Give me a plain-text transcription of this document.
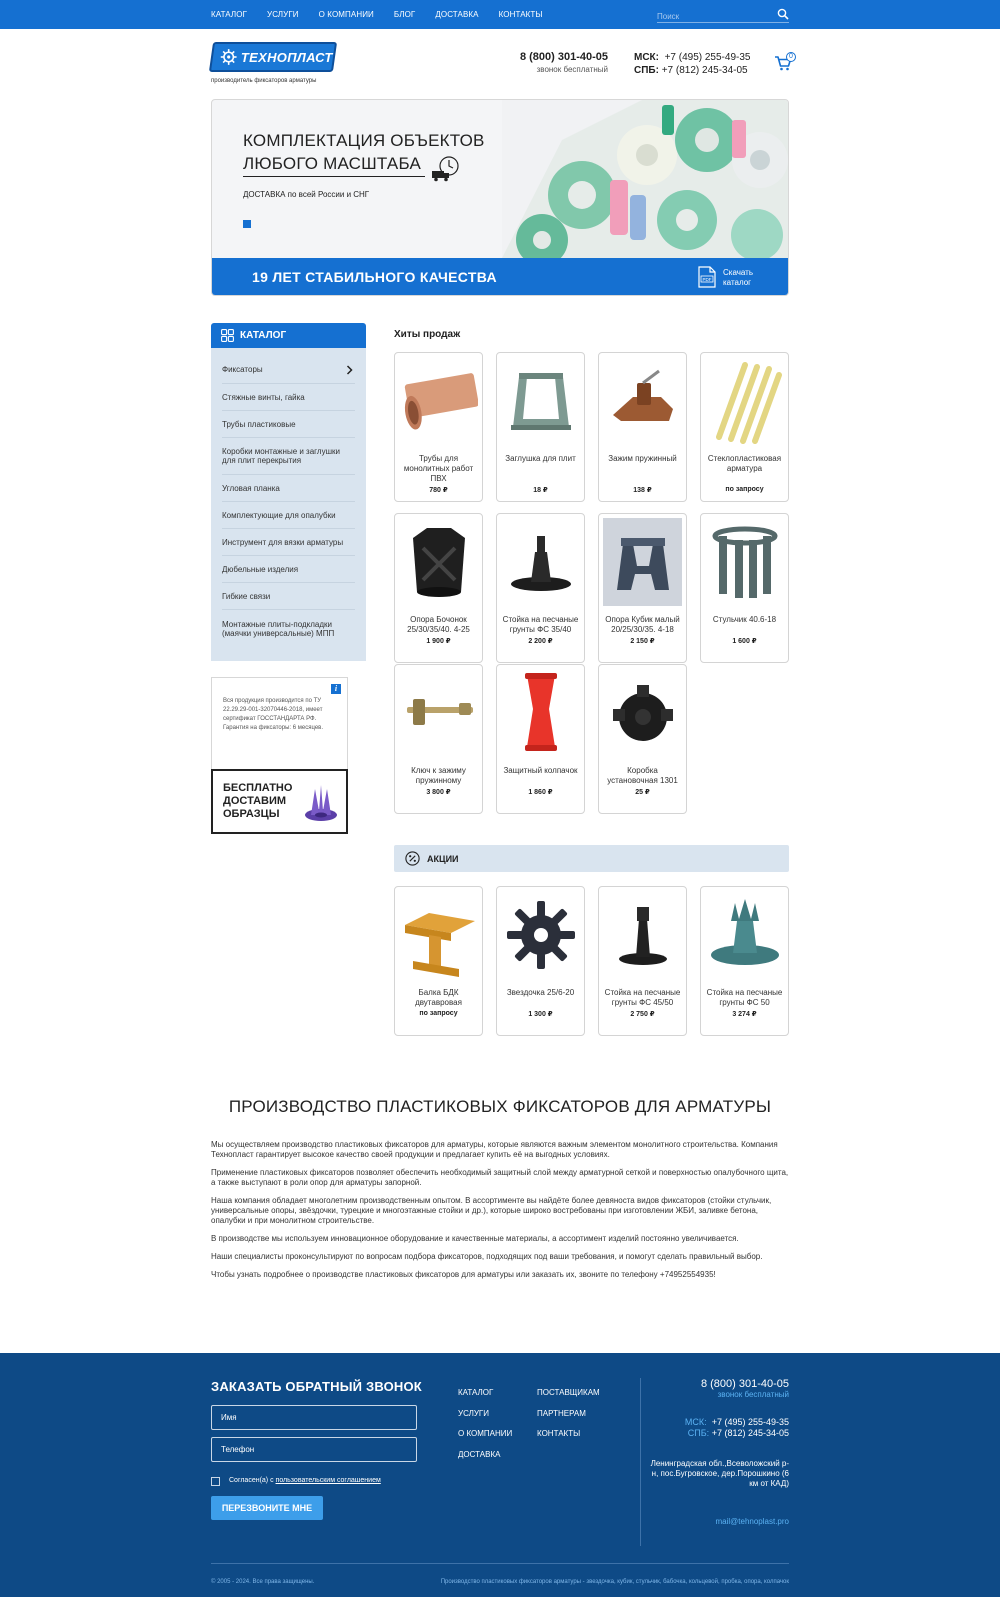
КАТАЛОГ	УСЛУГИ	О КОМПАНИИ	БЛОГ	ДОСТАВКА	КОНТАКТЫ
Поиск
ТЕХНОПЛАСТ
производитель фиксаторов арматуры
8 (800) 301-40-05
звонок бесплатный
МСК: +7 (495) 255-49-35
СПБ: +7 (812) 245-34-05
0
КОМПЛЕКТАЦИЯ ОБЪЕКТОВ
ЛЮБОГО МАСШТАБА
ДОСТАВКА по всей России и СНГ
19 ЛЕТ СТАБИЛЬНОГО КАЧЕСТВА	PDF
Скачать
каталог
КАТАЛОГ
Фиксаторы
Стяжные винты, гайка
Трубы пластиковые
Коробки монтажные и заглушки для плит перекрытия
Угловая планка
Комплектующие для опалубки
Инструмент для вязки арматуры
Дюбельные изделия
Гибкие связи
Монтажные плиты-подкладки (маячки универсальные) МПП
i
Вся продукция производится по ТУ 22.29.29-001-32070446-2018, имеет сертификат ГОССТАНДАРТА РФ. Гарантия на фиксаторы: 6 месяцев.
БЕСПЛАТНО ДОСТАВИМ ОБРАЗЦЫ
Хиты продаж
Трубы для монолитных работ ПВХ
780 ₽
Заглушка для плит
18 ₽
Зажим пружинный
138 ₽
Стеклопластиковая арматура
по запросу
Опора Бочонок 25/30/35/40. 4-25
1 900 ₽
Стойка на песчаные грунты ФС 35/40
2 200 ₽
Опора Кубик малый 20/25/30/35. 4-18
2 150 ₽
Стульчик 40.6-18
1 600 ₽
Ключ к зажиму пружинному
3 800 ₽
Защитный колпачок
1 860 ₽
Коробка установочная 1301
25 ₽
АКЦИИ
Балка БДК двутавровая
по запросу
Звездочка 25/6-20
1 300 ₽
Стойка на песчаные грунты ФС 45/50
2 750 ₽
Стойка на песчаные грунты ФС 50
3 274 ₽
ПРОИЗВОДСТВО ПЛАСТИКОВЫХ ФИКСАТОРОВ ДЛЯ АРМАТУРЫ

Мы осуществляем производство пластиковых фиксаторов для арматуры, которые являются важным элементом монолитного строительства. Компания Технопласт гарантирует высокое качество своей продукции и предлагает купить её на выгодных условиях.

Применение пластиковых фиксаторов позволяет обеспечить необходимый защитный слой между арматурной сеткой и поверхностью опалубочного щита, а также выступают в роли опор для арматуры запорной.

Наша компания обладает многолетним производственным опытом. В ассортименте вы найдёте более девяноста видов фиксаторов (стойки стульчик, универсальные опоры, звёздочки, турецкие и многоэтажные стойки и др.), которые широко востребованы при изготовлении ЖБИ, заливке бетона, опалубки и при монолитном строительстве.

В производстве мы используем инновационное оборудование и качественные материалы, а ассортимент изделий постоянно увеличивается.

Наши специалисты проконсультируют по вопросам подбора фиксаторов, подходящих под ваши требования, и помогут сделать правильный выбор.

Чтобы узнать подробнее о производстве пластиковых фиксаторов для арматуры или заказать их, звоните по телефону +74952554935!

ЗАКАЗАТЬ ОБРАТНЫЙ ЗВОНОК
Имя
Телефон
Согласен(а) с пользовательским соглашением
ПЕРЕЗВОНИТЕ МНЕ
КАТАЛОГ
УСЛУГИ
О КОМПАНИИ
ДОСТАВКА
ПОСТАВЩИКАМ
ПАРТНЕРАМ
КОНТАКТЫ
8 (800) 301-40-05
звонок бесплатный
МСК: +7 (495) 255-49-35
СПБ: +7 (812) 245-34-05
Ленинградская обл.,Всеволожский р-н, пос.Бугровское, дер.Порошкино (6 км от КАД)
mail@tehnoplast.pro
© 2005 - 2024. Все права защищены.	Производство пластиковых фиксаторов арматуры - звездочка, кубик, стульчик, бабочка, кольцевой, пробка, опора, колпачок
